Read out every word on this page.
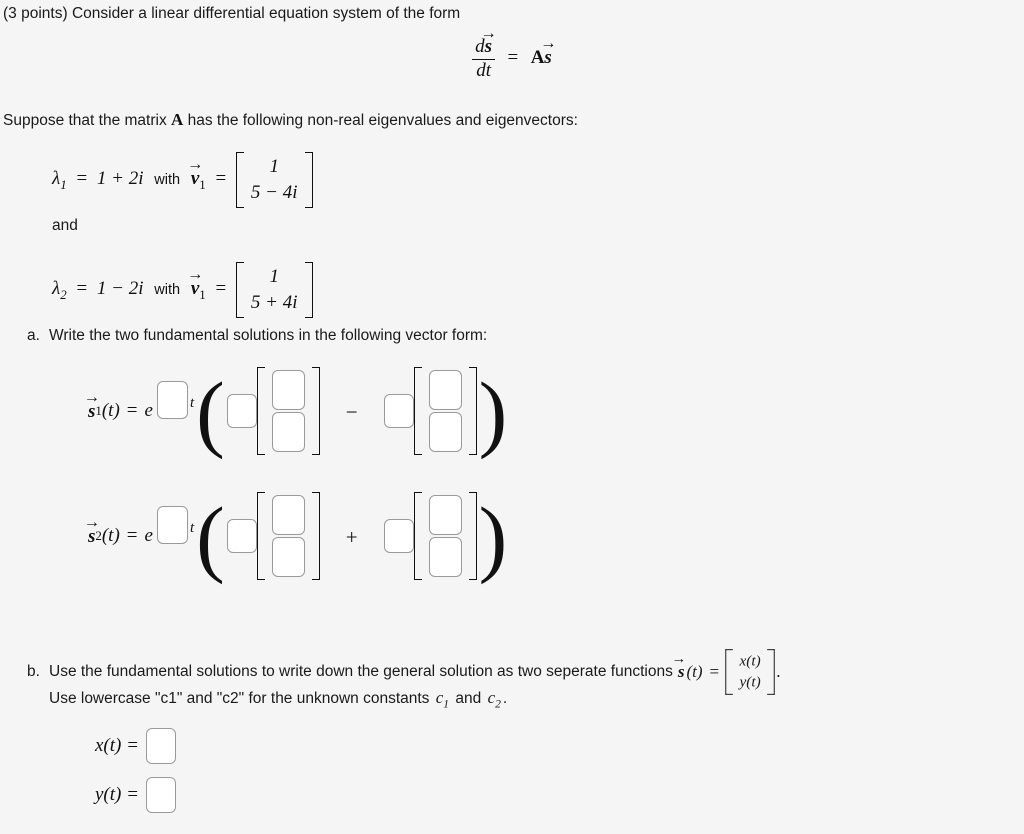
(3 points) Consider a linear differential equation system of the form
d
→
s
dt = A
→
s
Suppose that the matrix A has the following non-real eigenvalues and eigenvectors:
$\lambda_1 = 1 + 2i$ with
→
$v_1$ =
1
5 − 4i
and
$\lambda_2 = 1 - 2i$ with
→
$v_1$ =
1
5 + 4i
a. Write the two fundamental solutions in the following vector form:
→
s 1 (t) = e t (	−	)
→
s 2 (t) = e t (	+	)
b. Use the fundamental solutions to write down the general solution as two seperate functions
→
s (t) =
x(t)
y(t)
.
Use lowercase "c1" and "c2" for the unknown constants $c_1$ and $c_2$ .
x(t) =
y(t) =
